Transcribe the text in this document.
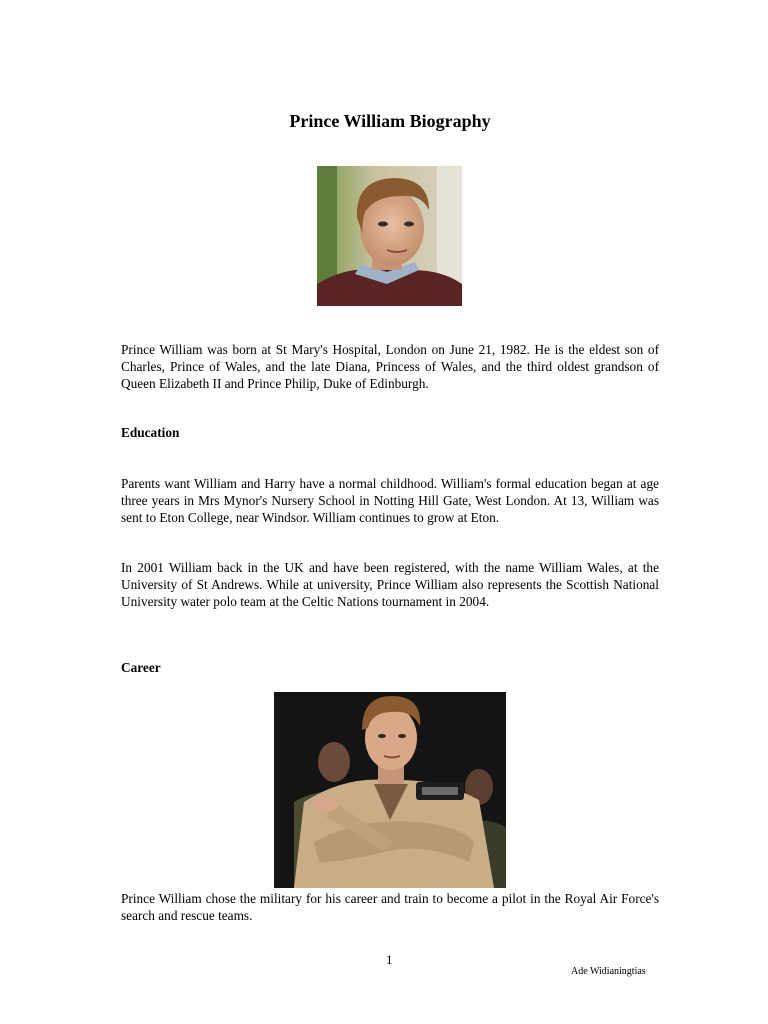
Prince William Biography
Prince William was born at St Mary's Hospital, London on June 21, 1982. He is the eldest son of Charles, Prince of Wales, and the late Diana, Princess of Wales, and the third oldest grandson of Queen Elizabeth II and Prince Philip, Duke of Edinburgh.
Education
Parents want William and Harry have a normal childhood. William's formal education began at age three years in Mrs Mynor's Nursery School in Notting Hill Gate, West London. At 13, William was sent to Eton College, near Windsor. William continues to grow at Eton.
In 2001 William back in the UK and have been registered, with the name William Wales, at the University of St Andrews. While at university, Prince William also represents the Scottish National University water polo team at the Celtic Nations tournament in 2004.
Career
Prince William chose the military for his career and train to become a pilot in the Royal Air Force's search and rescue teams.
1
Ade Widianingtias
